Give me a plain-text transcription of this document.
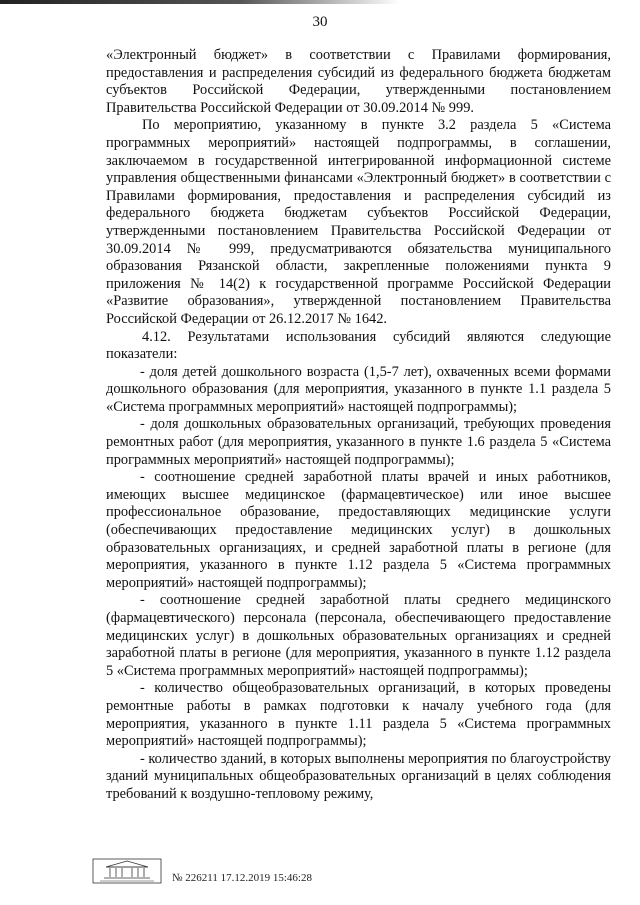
30

«Электронный бюджет» в соответствии с Правилами формирования, предоставления и распределения субсидий из федерального бюджета бюджетам субъектов Российской Федерации, утвержденными постановлением Правительства Российской Федерации от 30.09.2014 № 999.

По мероприятию, указанному в пункте 3.2 раздела 5 «Система программных мероприятий» настоящей подпрограммы, в соглашении, заключаемом в государственной интегрированной информационной системе управления общественными финансами «Электронный бюджет» в соответствии с Правилами формирования, предоставления и распределения субсидий из федерального бюджета бюджетам субъектов Российской Федерации, утвержденными постановлением Правительства Российской Федерации от 30.09.2014 № 999, предусматриваются обязательства муниципального образования Рязанской области, закрепленные положениями пункта 9 приложения № 14(2) к государственной программе Российской Федерации «Развитие образования», утвержденной постановлением Правительства Российской Федерации от 26.12.2017 № 1642.

4.12. Результатами использования субсидий являются следующие показатели:

- доля детей дошкольного возраста (1,5-7 лет), охваченных всеми формами дошкольного образования (для мероприятия, указанного в пункте 1.1 раздела 5 «Система программных мероприятий» настоящей подпрограммы);

- доля дошкольных образовательных организаций, требующих проведения ремонтных работ (для мероприятия, указанного в пункте 1.6 раздела 5 «Система программных мероприятий» настоящей подпрограммы);

- соотношение средней заработной платы врачей и иных работников, имеющих высшее медицинское (фармацевтическое) или иное высшее профессиональное образование, предоставляющих медицинские услуги (обеспечивающих предоставление медицинских услуг) в дошкольных образовательных организациях, и средней заработной платы в регионе (для мероприятия, указанного в пункте 1.12 раздела 5 «Система программных мероприятий» настоящей подпрограммы);

- соотношение средней заработной платы среднего медицинского (фармацевтического) персонала (персонала, обеспечивающего предоставление медицинских услуг) в дошкольных образовательных организациях и средней заработной платы в регионе (для мероприятия, указанного в пункте 1.12 раздела 5 «Система программных мероприятий» настоящей подпрограммы);

- количество общеобразовательных организаций, в которых проведены ремонтные работы в рамках подготовки к началу учебного года (для мероприятия, указанного в пункте 1.11 раздела 5 «Система программных мероприятий» настоящей подпрограммы);

- количество зданий, в которых выполнены мероприятия по благоустройству зданий муниципальных общеобразовательных организаций в целях соблюдения требований к воздушно-тепловому режиму,

№ 226211 17.12.2019 15:46:28
